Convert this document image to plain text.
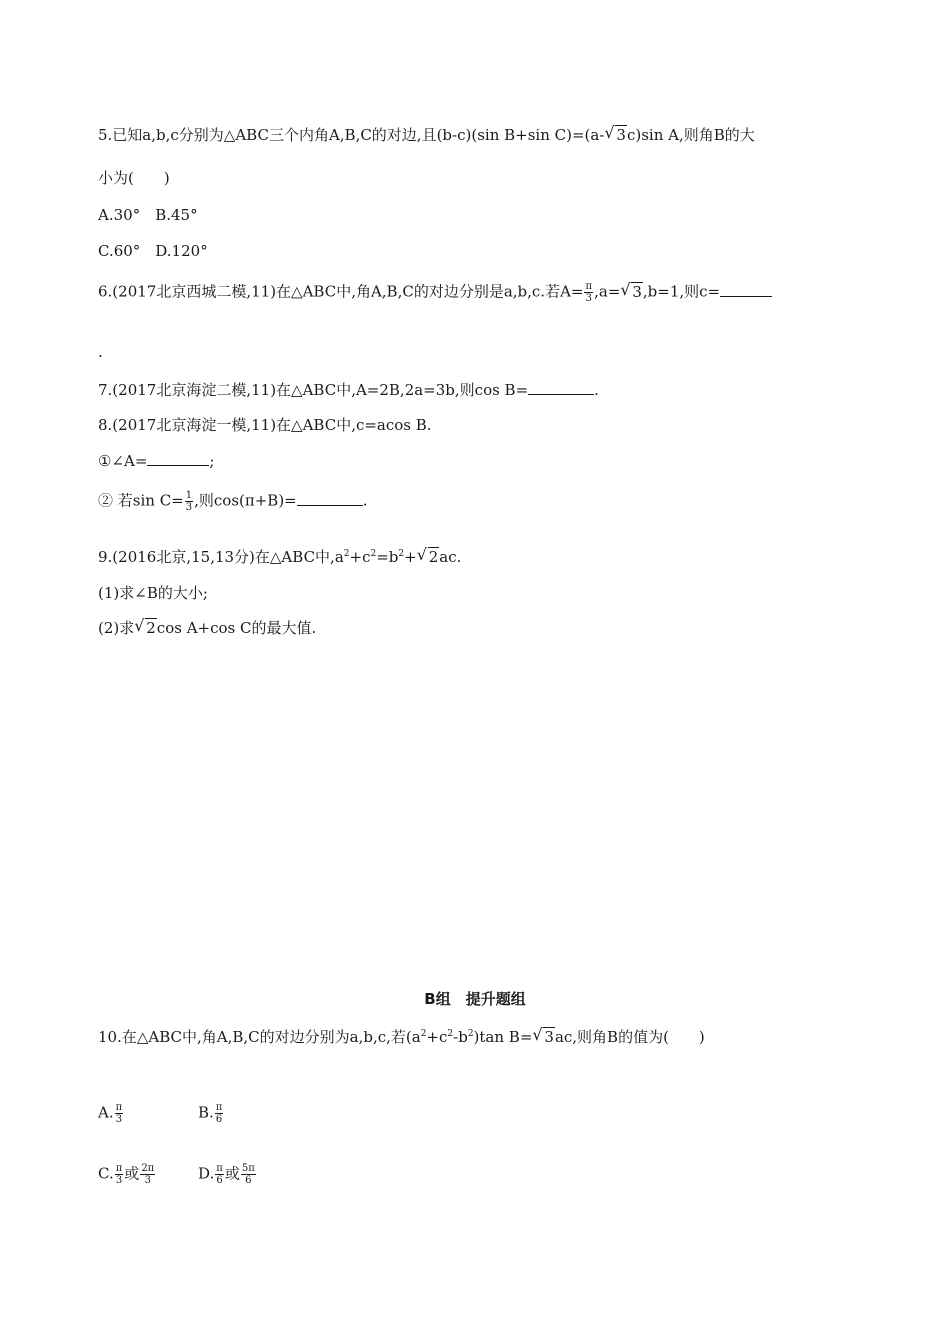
5.已知a,b,c分别为△ABC三个内角A,B,C的对边,且(b-c)(sin B+sin C)=(a- √ 3c)sin A,则角B的大
小为(　　)
A.30°　B.45°
C.60°　D.120°
6.(2017北京西城二模,11)在△ABC中,角A,B,C的对边分别是a,b,c.若$A= \frac{\pi}{3} ,a=$ √ 3,b=1,则c=
.
7.(2017北京海淀二模,11)在△ABC中,A=2B,2a=3b,则cos B=	.
8.(2017北京海淀一模,11)在△ABC中,c=acos B.
①∠A=	;
② 若$\sin C= \frac{1}{3}$ ,则cos(π+B)=	.
9.(2016北京,15,13分)在△ABC中$,a^2+c^2=b^2+$ √ 2ac.
(1)求∠B的大小;
(2)求 √ 2cos A+cos C的最大值.
B组　提升题组
10.在△ABC中,角A,B,C的对边分别为a,b,c,若$(a^2+c^2-b^2)\tan$ B= √ 3ac,则角B的值为(　　)
A. $\frac{\pi}{3}$	B. $\frac{\pi}{6}$
C. $\frac{\pi}{3}$ 或 $\frac{2\pi}{3}$	D. $\frac{\pi}{6}$ 或 $\frac{5\pi}{6}$
